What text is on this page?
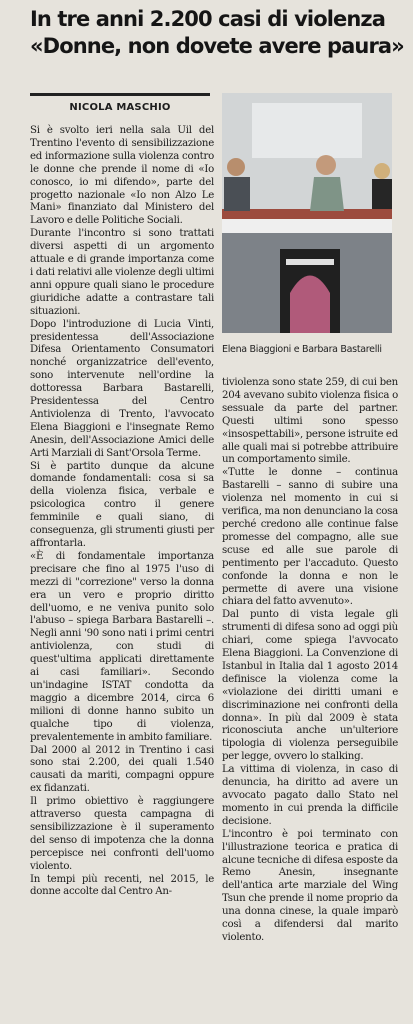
In tre anni 2.200 casi di violenza
«Donne, non dovete avere paura»
NICOLA MASCHIO

Si è svolto ieri nella sala Uil del Trentino l'evento di sensibilizzazione ed informazione sulla violenza contro le donne che prende il nome di «Io conosco, io mi difendo», parte del progetto nazionale «Io non Alzo Le Mani» finanziato dal Ministero del Lavoro e delle Politiche Sociali.

Durante l'incontro si sono trattati diversi aspetti di un argomento attuale e di grande importanza come i dati relativi alle violenze degli ultimi anni oppure quali siano le procedure giuridiche adatte a contrastare tali situazioni.

Dopo l'introduzione di Lucia Vinti, presidentessa dell'Associazione Difesa Orientamento Consumatori nonché organizzatrice dell'evento, sono intervenute nell'ordine la dottoressa Barbara Bastarelli, Presidentessa del Centro Antiviolenza di Trento, l'avvocato Elena Biaggioni e l'insegnate Remo Anesin, dell'Associazione Amici delle Arti Marziali di Sant'Orsola Terme.

Si è partito dunque da alcune domande fondamentali: cosa si sa della violenza fisica, verbale e psicologica contro il genere femminile e quali siano, di conseguenza, gli strumenti giusti per affrontarla.

«È di fondamentale importanza precisare che fino al 1975 l'uso di mezzi di "correzione" verso la donna era un vero e proprio diritto dell'uomo, e ne veniva punito solo l'abuso – spiega Barbara Bastarelli –. Negli anni '90 sono nati i primi centri antiviolenza, con studi di quest'ultima applicati direttamente ai casi familiari». Secondo un'indagine ISTAT condotta da maggio a dicembre 2014, circa 6 milioni di donne hanno subito un qualche tipo di violenza, prevalentemente in ambito familiare.

Dal 2000 al 2012 in Trentino i casi sono stai 2.200, dei quali 1.540 causati da mariti, compagni oppure ex fidanzati.

Il primo obiettivo è raggiungere attraverso questa campagna di sensibilizzazione è il superamento del senso di impotenza che la donna percepisce nei confronti dell'uomo violento.

In tempi più recenti, nel 2015, le donne accolte dal Centro An-

Elena Biaggioni e Barbara Bastarelli

tiviolenza sono state 259, di cui ben 204 avevano subito violenza fisica o sessuale da parte del partner. Questi ultimi sono spesso «insospettabili», persone istruite ed alle quali mai si potrebbe attribuire un comportamento simile.

«Tutte le donne – continua Bastarelli – sanno di subire una violenza nel momento in cui si verifica, ma non denunciano la cosa perché credono alle continue false promesse del compagno, alle sue scuse ed alle sue parole di pentimento per l'accaduto. Questo confonde la donna e non le permette di avere una visione chiara del fatto avvenuto».

Dal punto di vista legale gli strumenti di difesa sono ad oggi più chiari, come spiega l'avvocato Elena Biaggioni. La Convenzione di Istanbul in Italia dal 1 agosto 2014 definisce la violenza come la «violazione dei diritti umani e discriminazione nei confronti della donna». In più dal 2009 è stata riconosciuta anche un'ulteriore tipologia di violenza perseguibile per legge, ovvero lo stalking.

La vittima di violenza, in caso di denuncia, ha diritto ad avere un avvocato pagato dallo Stato nel momento in cui prenda la difficile decisione.

L'incontro è poi terminato con l'illustrazione teorica e pratica di alcune tecniche di difesa esposte da Remo Anesin, insegnante dell'antica arte marziale del Wing Tsun che prende il nome proprio da una donna cinese, la quale imparò così a difendersi dal marito violento.
